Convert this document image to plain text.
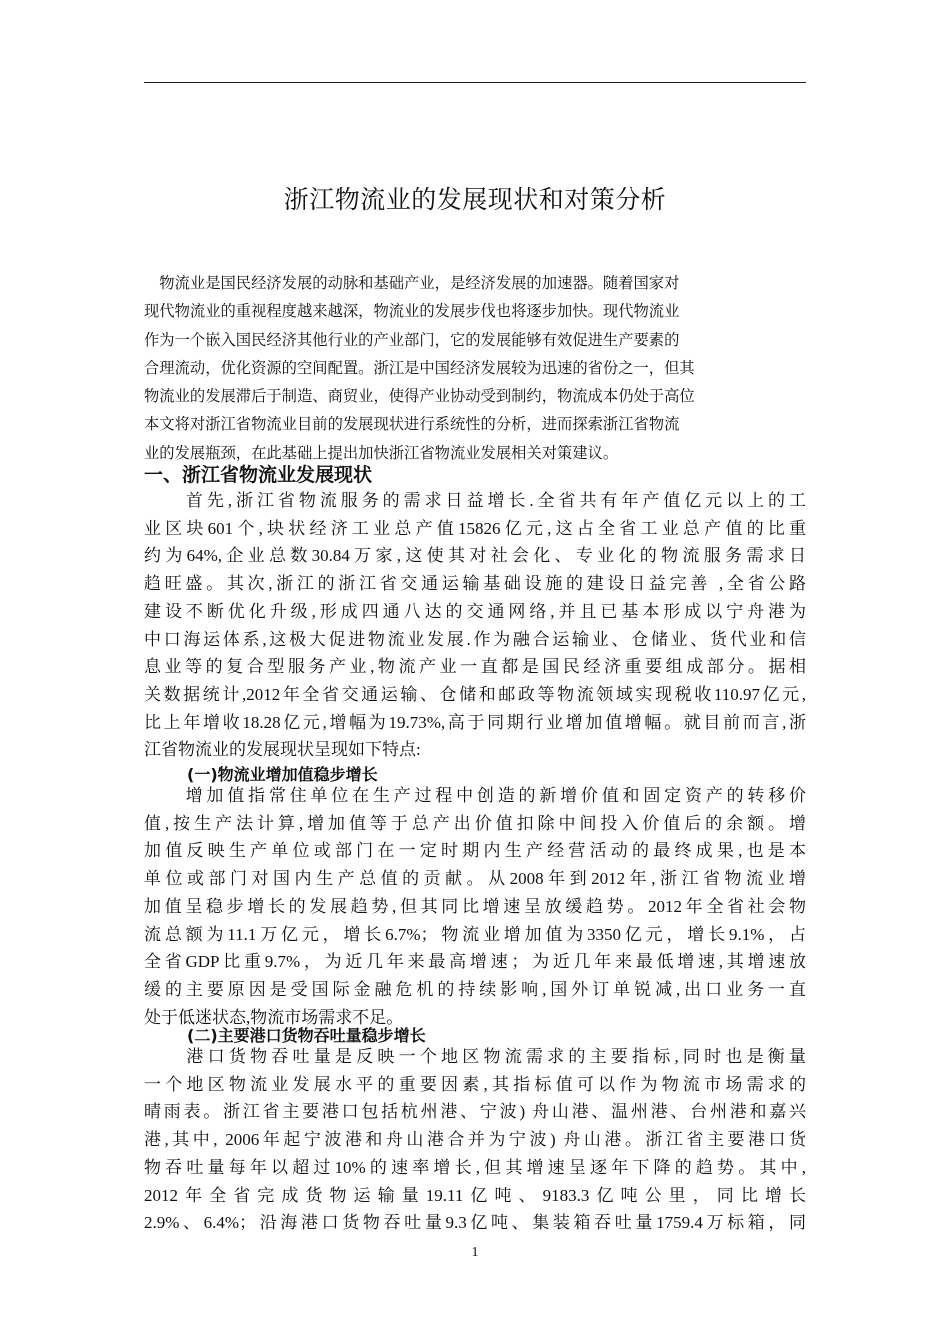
浙江物流业的发展现状和对策分析
　物流业是国民经济发展的动脉和基础产业，是经济发展的加速器。随着国家对
现代物流业的重视程度越来越深，物流业的发展步伐也将逐步加快。现代物流业
作为一个嵌入国民经济其他行业的产业部门，它的发展能够有效促进生产要素的
合理流动，优化资源的空间配置。浙江是中国经济发展较为迅速的省份之一，但其
物流业的发展滞后于制造、商贸业，使得产业协动受到制约，物流成本仍处于高位
本文将对浙江省物流业目前的发展现状进行系统性的分析，进而探索浙江省物流
业的发展瓶颈，在此基础上提出加快浙江省物流业发展相关对策建议。
一、浙江省物流业发展现状
　　首先,浙江省物流服务的需求日益增长.全省共有年产值亿元以上的工
业区块601个,块状经济工业总产值15826亿元,这占全省工业总产值的比重
约为64%,企业总数30.84万家,这使其对社会化、专业化的物流服务需求日
趋旺盛。其次,浙江的浙江省交通运输基础设施的建设日益完善 ,全省公路
建设不断优化升级,形成四通八达的交通网络,并且已基本形成以宁舟港为
中口海运体系,这极大促进物流业发展.作为融合运输业、仓储业、货代业和信
息业等的复合型服务产业,物流产业一直都是国民经济重要组成部分。据相
关数据统计,2012年全省交通运输、仓储和邮政等物流领域实现税收110.97亿元,
比上年增收18.28亿元,增幅为19.73%,高于同期行业增加值增幅。就目前而言,浙
江省物流业的发展现状呈现如下特点:
(一)物流业增加值稳步增长
　　增加值指常住单位在生产过程中创造的新增价值和固定资产的转移价
值,按生产法计算,增加值等于总产出价值扣除中间投入价值后的余额。增
加值反映生产单位或部门在一定时期内生产经营活动的最终成果,也是本
单位或部门对国内生产总值的贡献。从2008年到2012年,浙江省物流业增
加值呈稳步增长的发展趋势,但其同比增速呈放缓趋势。2012年全省社会物
流总额为11.1万亿元，增长6.7%；物流业增加值为3350亿元，增长9.1%，占
全省GDP比重9.7%，为近几年来最高增速；为近几年来最低增速,其增速放
缓的主要原因是受国际金融危机的持续影响,国外订单锐减,出口业务一直
处于低迷状态,物流市场需求不足。
(二)主要港口货物吞吐量稳步增长
　　港口货物吞吐量是反映一个地区物流需求的主要指标,同时也是衡量
一个地区物流业发展水平的重要因素,其指标值可以作为物流市场需求的
晴雨表。浙江省主要港口包括杭州港、宁波) 舟山港、温州港、台州港和嘉兴
港,其中, 2006年起宁波港和舟山港合并为宁波) 舟山港。浙江省主要港口货
物吞吐量每年以超过10%的速率增长,但其增速呈逐年下降的趋势。其中,
2012年全省完成货物运输量19.11亿吨、9183.3亿吨公里，同比增长
2.9%、6.4%；沿海港口货物吞吐量9.3亿吨、集装箱吞吐量1759.4万标箱，同
1
